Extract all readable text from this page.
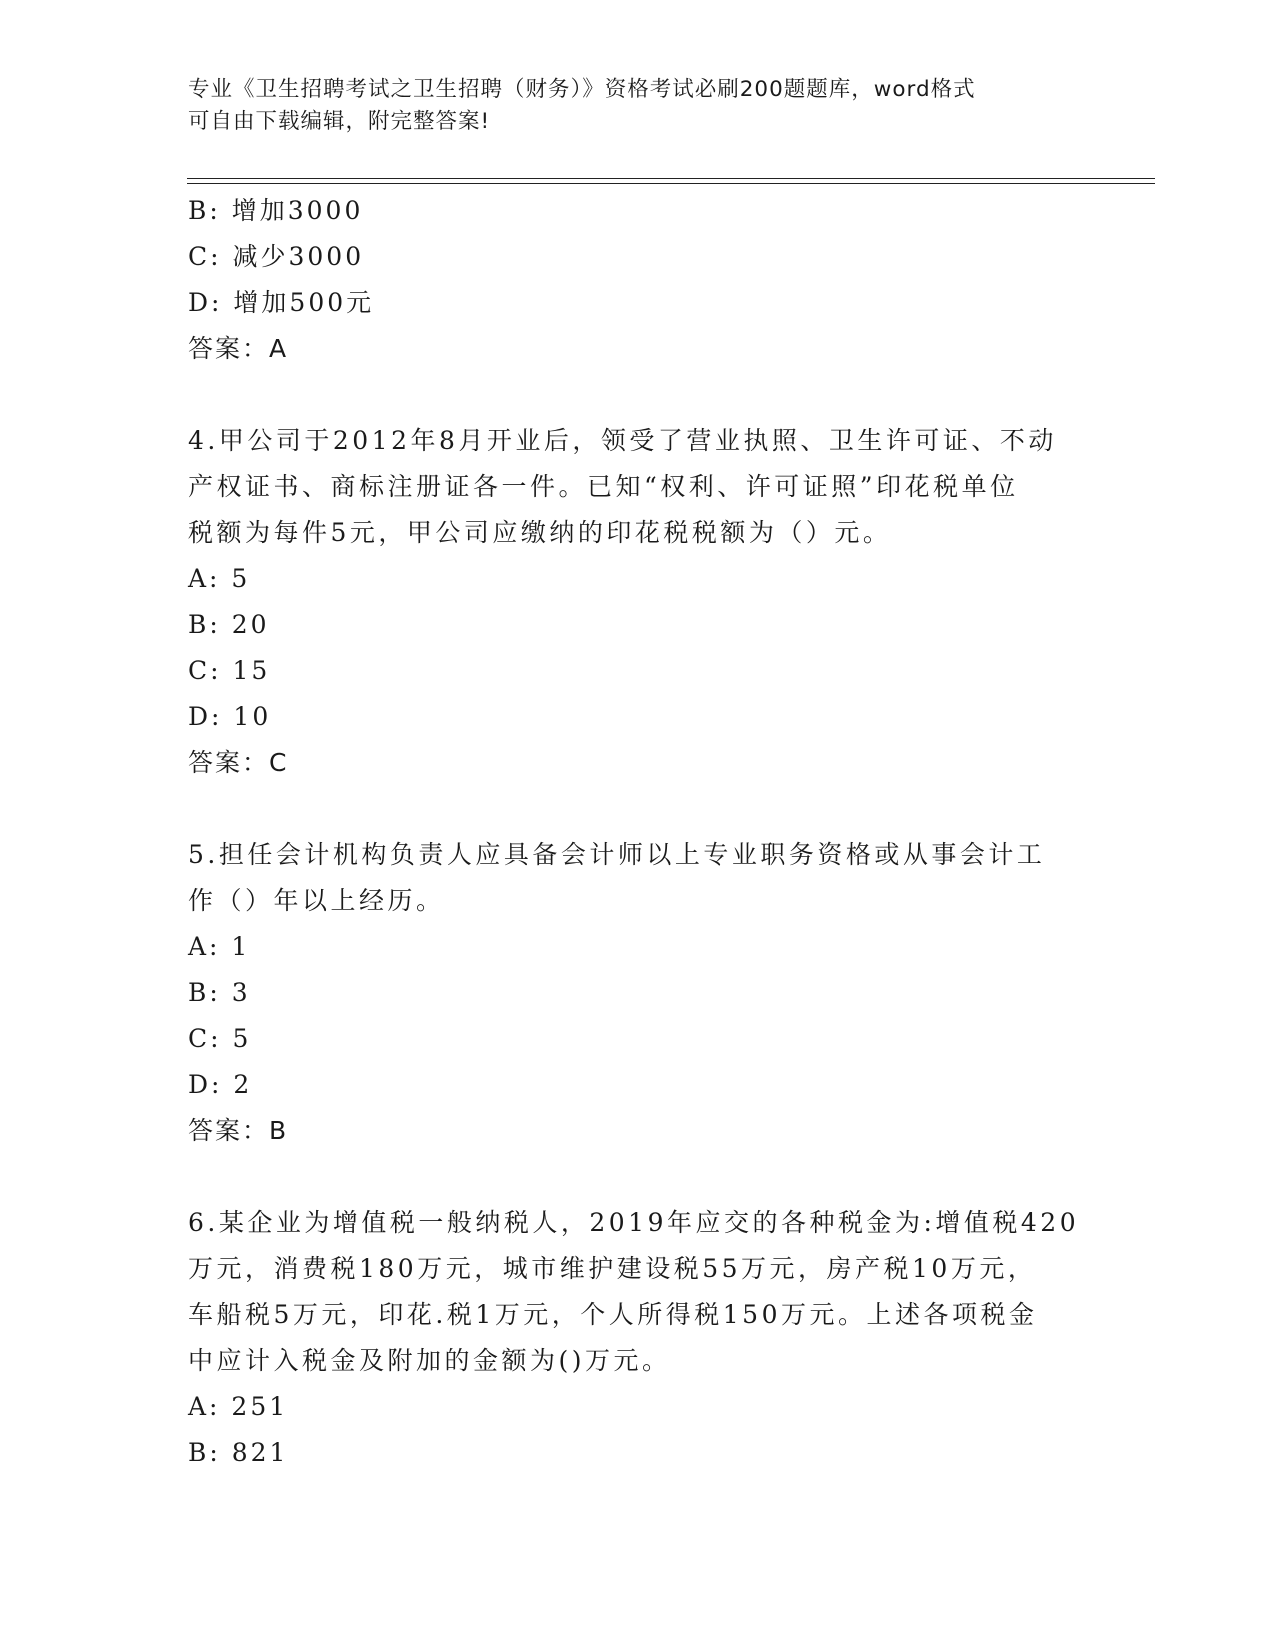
专业《卫生招聘考试之卫生招聘（财务）》资格考试必刷200题题库，word格式
可自由下载编辑，附完整答案!
B: 增加3000
C: 减少3000
D: 增加500元
答案：A
4.甲公司于2012年8月开业后，领受了营业执照、卫生许可证、不动
产权证书、商标注册证各一件。已知“权利、许可证照”印花税单位
税额为每件5元，甲公司应缴纳的印花税税额为（）元。
A: 5
B: 20
C: 15
D: 10
答案：C
5.担任会计机构负责人应具备会计师以上专业职务资格或从事会计工
作（）年以上经历。
A: 1
B: 3
C: 5
D: 2
答案：B
6.某企业为增值税一般纳税人，2019年应交的各种税金为:增值税420
万元，消费税180万元，城市维护建设税55万元，房产税10万元，
车船税5万元，印花.税1万元，个人所得税150万元。上述各项税金
中应计入税金及附加的金额为()万元。
A: 251
B: 821
